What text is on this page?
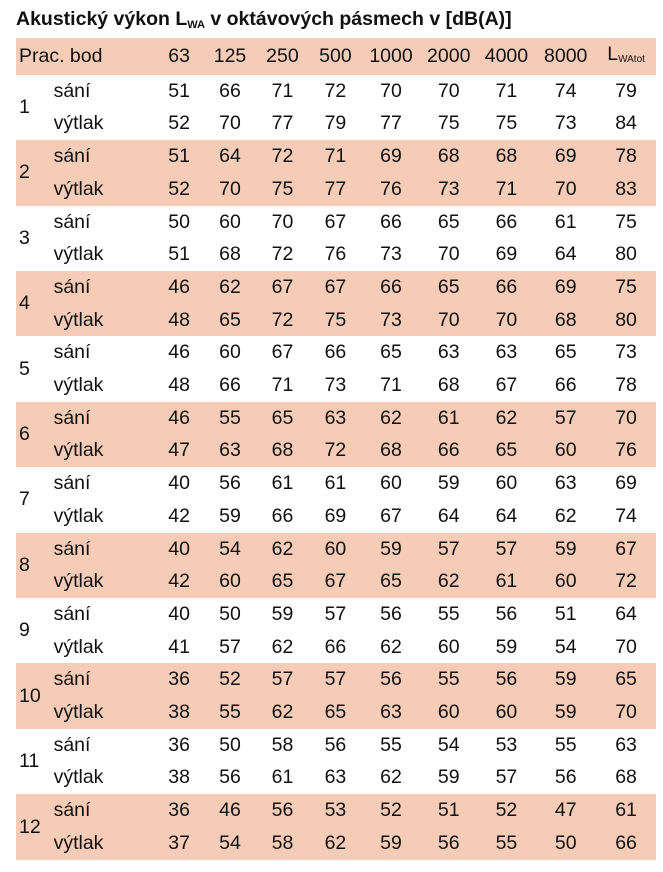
Akustický výkon LWA v oktávových pásmech v [dB(A)]
Prac. bod		63	125	250	500	1000	2000	4000	8000	LWAtot
1	sání	51	66	71	72	70	70	71	74	79
	výtlak	52	70	77	79	77	75	75	73	84
2	sání	51	64	72	71	69	68	68	69	78
	výtlak	52	70	75	77	76	73	71	70	83
3	sání	50	60	70	67	66	65	66	61	75
	výtlak	51	68	72	76	73	70	69	64	80
4	sání	46	62	67	67	66	65	66	69	75
	výtlak	48	65	72	75	73	70	70	68	80
5	sání	46	60	67	66	65	63	63	65	73
	výtlak	48	66	71	73	71	68	67	66	78
6	sání	46	55	65	63	62	61	62	57	70
	výtlak	47	63	68	72	68	66	65	60	76
7	sání	40	56	61	61	60	59	60	63	69
	výtlak	42	59	66	69	67	64	64	62	74
8	sání	40	54	62	60	59	57	57	59	67
	výtlak	42	60	65	67	65	62	61	60	72
9	sání	40	50	59	57	56	55	56	51	64
	výtlak	41	57	62	66	62	60	59	54	70
10	sání	36	52	57	57	56	55	56	59	65
	výtlak	38	55	62	65	63	60	60	59	70
11	sání	36	50	58	56	55	54	53	55	63
	výtlak	38	56	61	63	62	59	57	56	68
12	sání	36	46	56	53	52	51	52	47	61
	výtlak	37	54	58	62	59	56	55	50	66
